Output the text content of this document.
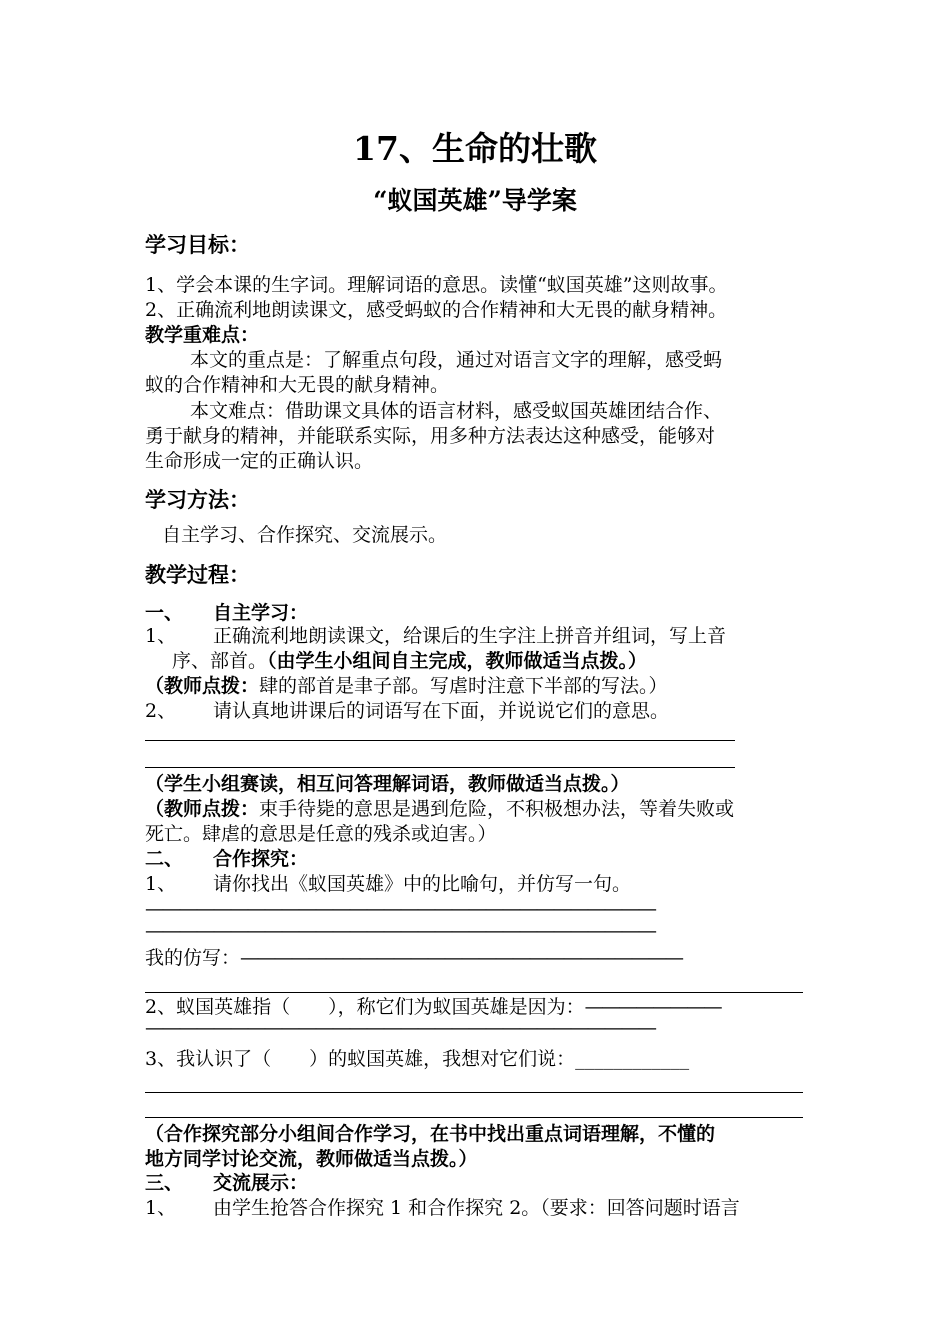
17、生命的壮歌
“蚁国英雄”导学案
学习目标：
1、学会本课的生字词。理解词语的意思。读懂“蚁国英雄”这则故事。
2、正确流利地朗读课文，感受蚂蚁的合作精神和大无畏的献身精神。
教学重难点：
本文的重点是：了解重点句段，通过对语言文字的理解，感受蚂
蚁的合作精神和大无畏的献身精神。
本文难点：借助课文具体的语言材料，感受蚁国英雄团结合作、
勇于献身的精神，并能联系实际，用多种方法表达这种感受，能够对
生命形成一定的正确认识。
学习方法：
自主学习、合作探究、交流展示。
教学过程：
一、 自主学习：
1、 正确流利地朗读课文，给课后的生字注上拼音并组词，写上音
序、部首。（由学生小组间自主完成，教师做适当点拨。）
（教师点拨：肆的部首是聿子部。写虐时注意下半部的写法。）
2、 请认真地讲课后的词语写在下面，并说说它们的意思。
（学生小组赛读，相互问答理解词语，教师做适当点拨。）
（教师点拨：束手待毙的意思是遇到危险，不积极想办法，等着失败或
死亡。肆虐的意思是任意的残杀或迫害。）
二、 合作探究：
1、 请你找出《蚁国英雄》中的比喻句，并仿写一句。
——————————————————————————————
——————————————————————————————
我的仿写：——————————————————————————
2、蚁国英雄指（　　），称它们为蚁国英雄是因为：————————
——————————————————————————————
3、我认识了（　　）的蚁国英雄，我想对它们说：____________
（合作探究部分小组间合作学习，在书中找出重点词语理解，不懂的
地方同学讨论交流，教师做适当点拨。）
三、 交流展示：
1、 由学生抢答合作探究 1 和合作探究 2。（要求：回答问题时语言
